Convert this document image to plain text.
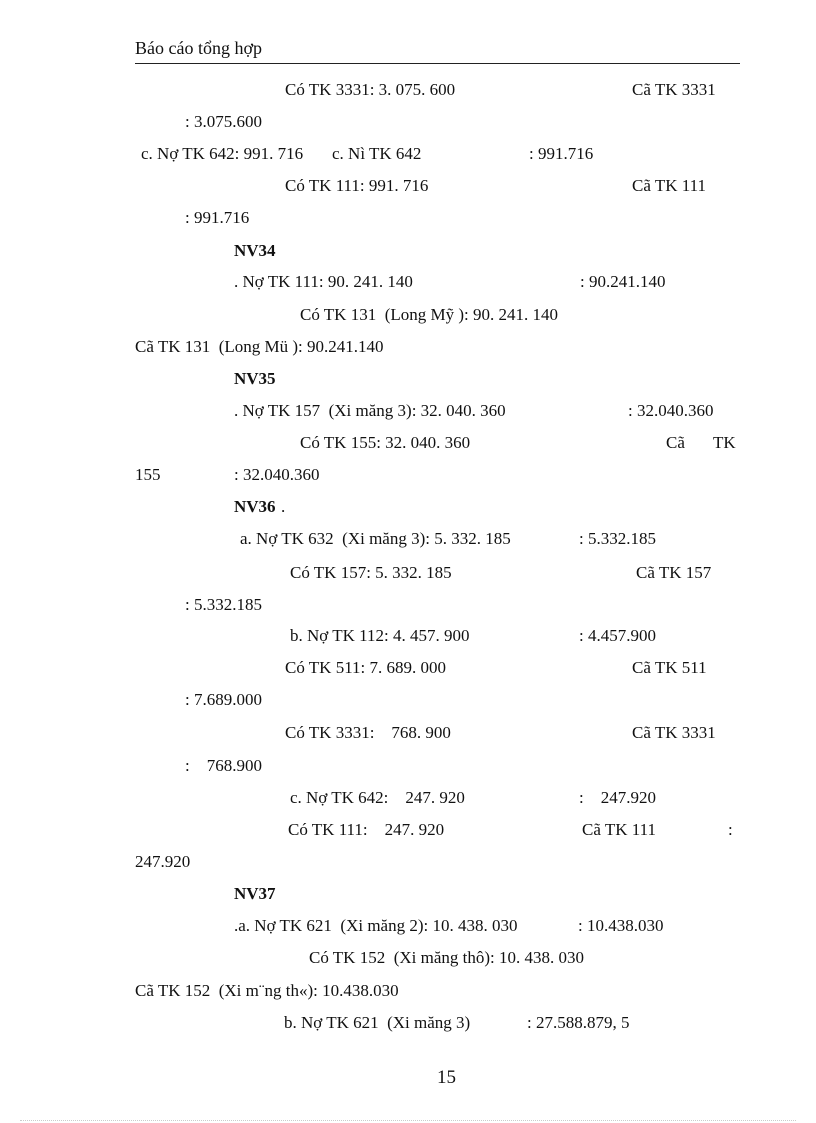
Báo cáo tổng hợp
Có TK 3331: 3. 075. 600	Cã TK 3331
: 3.075.600
c. Nợ TK 642: 991. 716 c. Nì TK 642	: 991.716
Có TK 111: 991. 716	Cã TK 111
: 991.716
NV34
. Nợ TK 111: 90. 241. 140	: 90.241.140
Có TK 131  (Long Mỹ ): 90. 241. 140
Cã TK 131  (Long Mü ): 90.241.140
NV35
. Nợ TK 157  (Xi măng 3): 32. 040. 360	: 32.040.360
Có TK 155: 32. 040. 360	Cã TK
155	: 32.040.360
NV36 .
a. Nợ TK 632  (Xi măng 3): 5. 332. 185	: 5.332.185
Có TK 157: 5. 332. 185	Cã TK 157
: 5.332.185
b. Nợ TK 112: 4. 457. 900	: 4.457.900
Có TK 511: 7. 689. 000	Cã TK 511
: 7.689.000
Có TK 3331:    768. 900	Cã TK 3331
:    768.900
c. Nợ TK 642:    247. 920	:    247.920
Có TK 111:    247. 920	Cã TK 111	:
247.920
NV37
.a. Nợ TK 621  (Xi măng 2): 10. 438. 030	: 10.438.030
Có TK 152  (Xi măng thô): 10. 438. 030
Cã TK 152  (Xi m¨ng th«): 10.438.030
b. Nợ TK 621  (Xi măng 3)	: 27.588.879, 5
15
